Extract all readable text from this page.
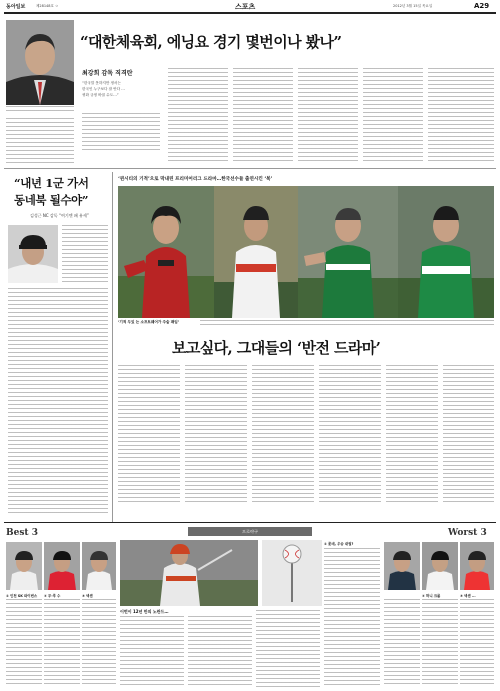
동아일보	제28148호 ㅇ	스포츠	2012년 3월 15일 목요일	A29
“대한체육회, 에닝요 경기 몇번이나 봤나”
최강희 감독 직격탄
“한국말 못하지만 정서는
한국인 누구보다 잘 안다 …
귀화 규정 바꿀 수도…”
“내년 1군 가서
동네북 될수야”
김성근 NC 감독 “여기엔 패 유세”
‘퀸시티의 기적’으로 막내린 프리미어리그 드라마…한국선수들 출연시킨 ‘복’
‘기적 두있 는 소프트웨어가 주술 패임’
보고싶다, 그대들의 ‘반전 드라마’
Best 3	프로야구	Worst 3
① 인천 SK 와이번스 ② 무·루 수	③ 넥센
이번이 12년 만의 노란드…
① 롯데, 우승 대권?
② 하니 크롬	③ 넥센 ...
